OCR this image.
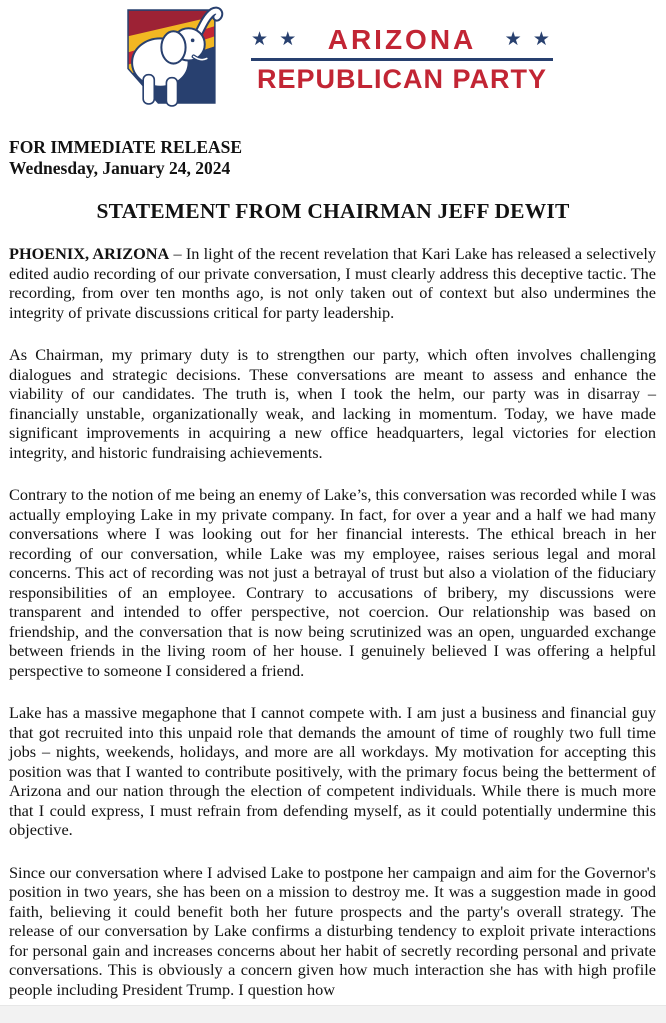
★ ★ ARIZONA ★ ★
REPUBLICAN PARTY
FOR IMMEDIATE RELEASE
Wednesday, January 24, 2024
STATEMENT FROM CHAIRMAN JEFF DEWIT

PHOENIX, ARIZONA – In light of the recent revelation that Kari Lake has released a selectively edited audio recording of our private conversation, I must clearly address this deceptive tactic. The recording, from over ten months ago, is not only taken out of context but also undermines the integrity of private discussions critical for party leadership.

As Chairman, my primary duty is to strengthen our party, which often involves challenging dialogues and strategic decisions. These conversations are meant to assess and enhance the viability of our candidates. The truth is, when I took the helm, our party was in disarray – financially unstable, organizationally weak, and lacking in momentum. Today, we have made significant improvements in acquiring a new office headquarters, legal victories for election integrity, and historic fundraising achievements.

Contrary to the notion of me being an enemy of Lake’s, this conversation was recorded while I was actually employing Lake in my private company. In fact, for over a year and a half we had many conversations where I was looking out for her financial interests. The ethical breach in her recording of our conversation, while Lake was my employee, raises serious legal and moral concerns. This act of recording was not just a betrayal of trust but also a violation of the fiduciary responsibilities of an employee. Contrary to accusations of bribery, my discussions were transparent and intended to offer perspective, not coercion. Our relationship was based on friendship, and the conversation that is now being scrutinized was an open, unguarded exchange between friends in the living room of her house. I genuinely believed I was offering a helpful perspective to someone I considered a friend.

Lake has a massive megaphone that I cannot compete with. I am just a business and financial guy that got recruited into this unpaid role that demands the amount of time of roughly two full time jobs – nights, weekends, holidays, and more are all workdays. My motivation for accepting this position was that I wanted to contribute positively, with the primary focus being the betterment of Arizona and our nation through the election of competent individuals. While there is much more that I could express, I must refrain from defending myself, as it could potentially undermine this objective.

Since our conversation where I advised Lake to postpone her campaign and aim for the Governor's position in two years, she has been on a mission to destroy me. It was a suggestion made in good faith, believing it could benefit both her future prospects and the party's overall strategy. The release of our conversation by Lake confirms a disturbing tendency to exploit private interactions for personal gain and increases concerns about her habit of secretly recording personal and private conversations. This is obviously a concern given how much interaction she has with high profile people including President Trump. I question how
